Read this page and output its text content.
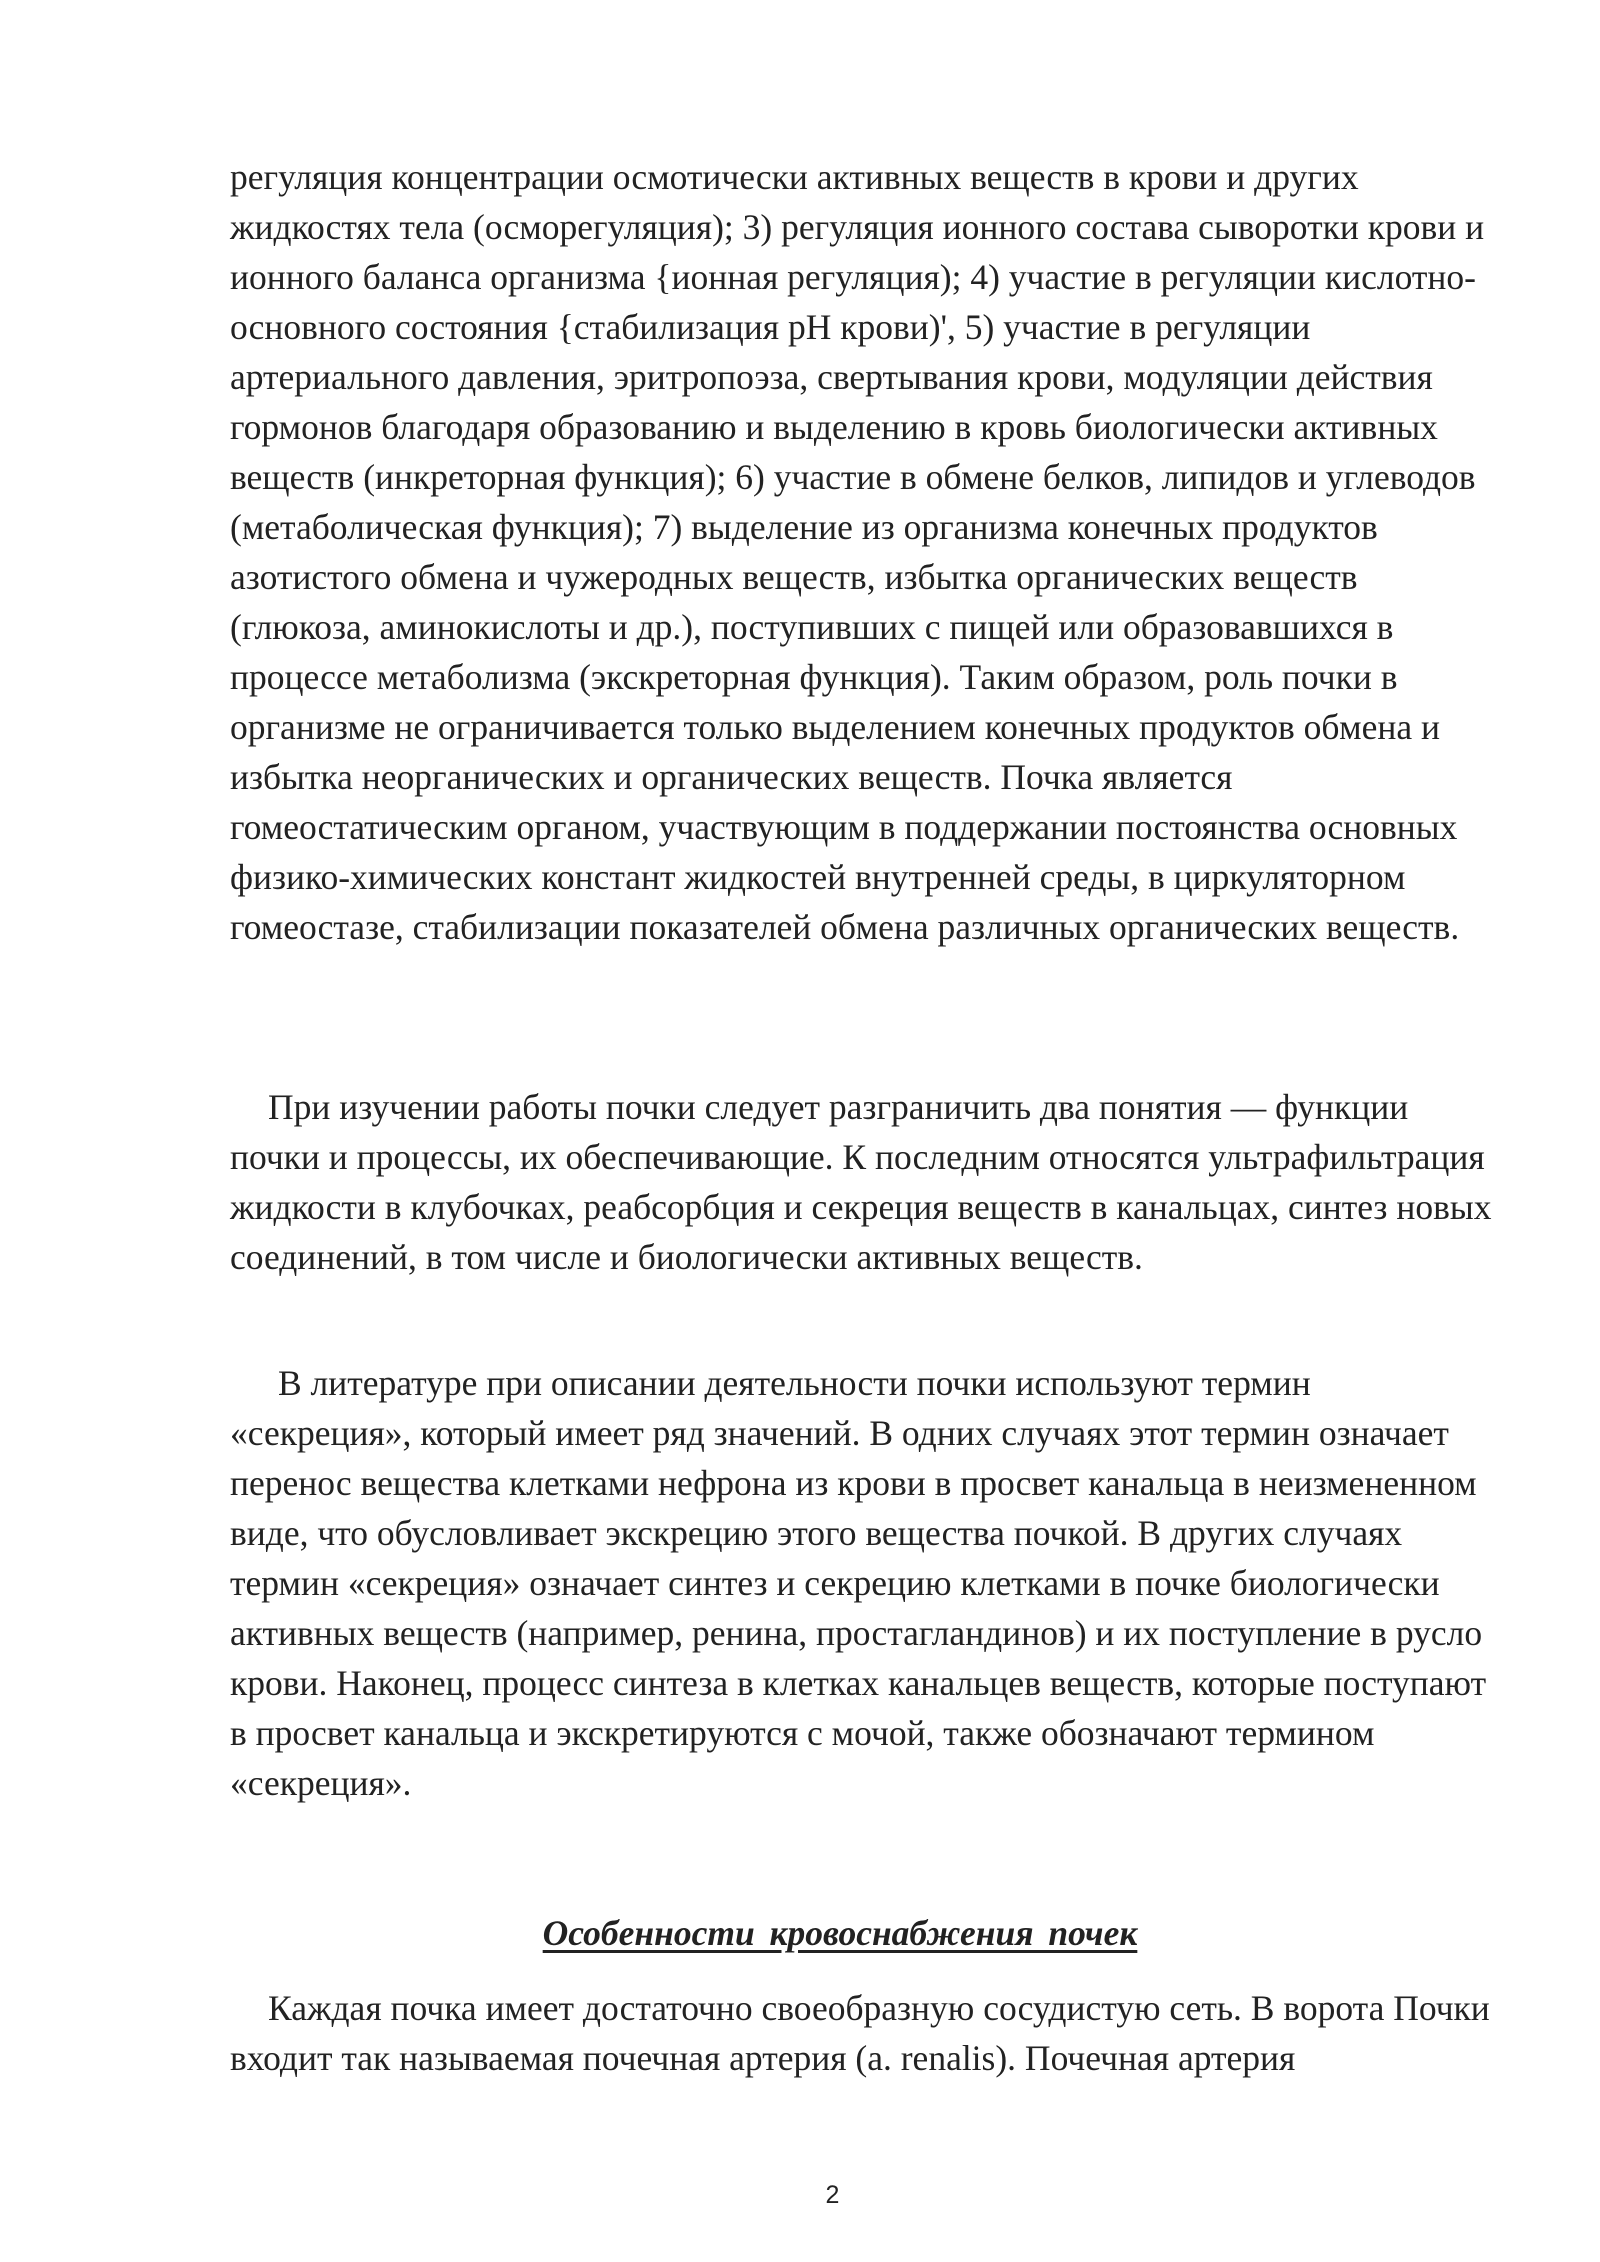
регуляция концентрации осмотически активных веществ в крови и других жидкостях тела (осморегуляция); 3) регуляция ионного состава сыворотки крови и ионного баланса организма {ионная регуляция); 4) участие в регуляции кислотно-основного состояния {стабилизация pH крови)', 5) участие в регуляции артериального давления, эритропоэза, свертывания крови, модуляции действия гормонов благодаря образованию и выделению в кровь биологически активных веществ (инкреторная функция); 6) участие в обмене белков, липидов и углеводов (метаболическая функция); 7) выделение из организма конечных продуктов азотистого обмена и чужеродных веществ, избытка органических веществ (глюкоза, аминокислоты и др.), поступивших с пищей или образовавшихся в процессе метаболизма (экскреторная функция). Таким образом, роль почки в организме не ограничивается только выделением конечных продуктов обмена и избытка неорганических и органических веществ. Почка является гомеостатическим органом, участвующим в поддержании постоянства основных физико-химических констант жидкостей внутренней среды, в циркуляторном гомеостазе, стабилизации показателей обмена различных органических веществ.

При изучении работы почки следует разграничить два понятия — функции почки и процессы, их обеспечивающие. К последним относятся ультрафильтрация жидкости в клубочках, реабсорбция и секреция веществ в канальцах, синтез новых соединений, в том числе и биологически активных веществ.

В литературе при описании деятельности почки используют термин «секреция», который имеет ряд значений. В одних случаях этот термин означает перенос вещества клетками нефрона из крови в просвет канальца в неизмененном виде, что обусловливает экскрецию этого вещества почкой. В других случаях термин «секреция» означает синтез и секрецию клетками в почке биологически активных веществ (например, ренина, простагландинов) и их поступление в русло крови. Наконец, процесс синтеза в клетках канальцев веществ, которые поступают в просвет канальца и экскретируются с мочой, также обозначают термином «секреция».

Особенности кровоснабжения почек

Каждая почка имеет достаточно своеобразную сосудистую сеть. В ворота Почки входит так называемая почечная артерия (a. renalis). Почечная артерия

2
